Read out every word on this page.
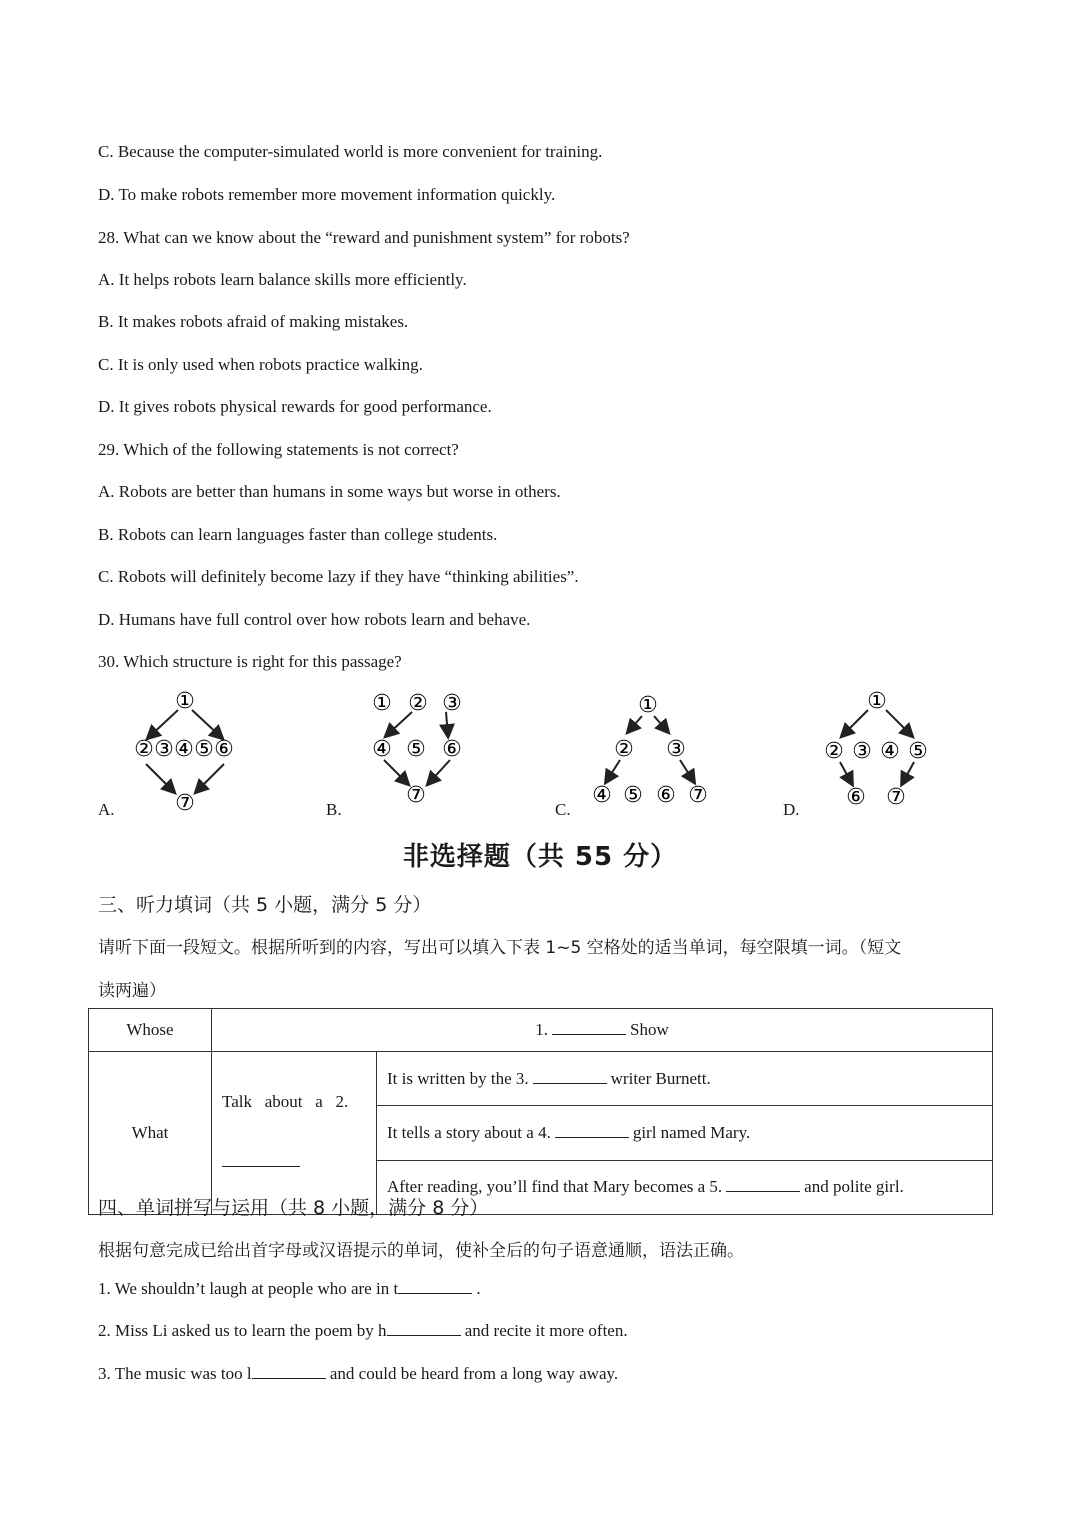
C. Because the computer-simulated world is more convenient for training.
D. To make robots remember more movement information quickly.
28. What can we know about the “reward and punishment system” for robots?
A. It helps robots learn balance skills more efficiently.
B. It makes robots afraid of making mistakes.
C. It is only used when robots practice walking.
D. It gives robots physical rewards for good performance.
29. Which of the following statements is not correct?
A. Robots are better than humans in some ways but worse in others.
B. Robots can learn languages faster than college students.
C. Robots will definitely become lazy if they have “thinking abilities”.
D. Humans have full control over how robots learn and behave.
30. Which structure is right for this passage?
A.	B.	C.	D.
①
② ③ ④ ⑤ ⑥
⑦
① ② ③
④ ⑤ ⑥
⑦
①
② ③
④ ⑤ ⑥ ⑦
①
② ③ ④ ⑤
⑥ ⑦
非选择题（共 55 分）
三、听力填词（共 5 小题，满分 5 分）
请听下面一段短文。根据所听到的内容，写出可以填入下表 1~5 空格处的适当单词，每空限填一词。（短文
读两遍）
Whose	1. Show	
What	Talk   about   a   2.	It is written by the 3. writer Burnett.
		It tells a story about a 4. girl named Mary.
		After reading, you’ll find that Mary becomes a 5. and polite girl.
四、单词拼写与运用（共 8 小题，满分 8 分）
根据句意完成已给出首字母或汉语提示的单词，使补全后的句子语意通顺，语法正确。
1. We shouldn’t laugh at people who are in t	.
2. Miss Li asked us to learn the poem by h	and recite it more often.
3. The music was too l	and could be heard from a long way away.
